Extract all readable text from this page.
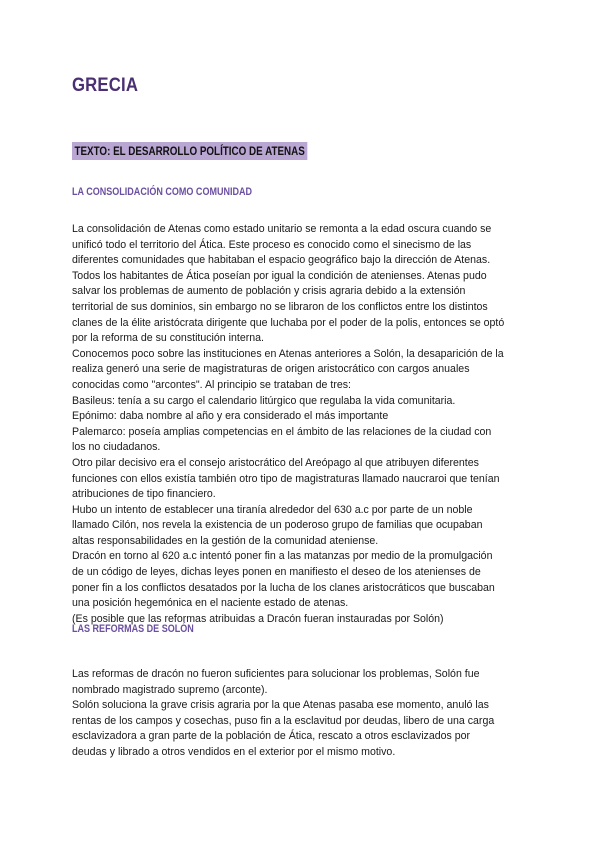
GRECIA
TEXTO: EL DESARROLLO POLÍTICO DE ATENAS
LA CONSOLIDACIÓN COMO COMUNIDAD

La consolidación de Atenas como estado unitario se remonta a la edad oscura cuando se

unificó todo el territorio del Ática. Este proceso es conocido como el sinecismo de las

diferentes comunidades que habitaban el espacio geográfico bajo la dirección de Atenas.

Todos los habitantes de Ática poseían por igual la condición de atenienses. Atenas pudo

salvar los problemas de aumento de población y crisis agraria debido a la extensión

territorial de sus dominios, sin embargo no se libraron de los conflictos entre los distintos

clanes de la élite aristócrata dirigente que luchaba por el poder de la polis, entonces se optó

por la reforma de su constitución interna.

Conocemos poco sobre las instituciones en Atenas anteriores a Solón, la desaparición de la

realiza generó una serie de magistraturas de origen aristocrático con cargos anuales

conocidas como "arcontes". Al principio se trataban de tres:

Basileus: tenía a su cargo el calendario litúrgico que regulaba la vida comunitaria.

Epónimo: daba nombre al año y era considerado el más importante

Palemarco: poseía amplias competencias en el ámbito de las relaciones de la ciudad con

los no ciudadanos.

Otro pilar decisivo era el consejo aristocrático del Areópago al que atribuyen diferentes

funciones con ellos existía también otro tipo de magistraturas llamado naucraroi que tenían

atribuciones de tipo financiero.

Hubo un intento de establecer una tiranía alrededor del 630 a.c por parte de un noble

llamado Cilón, nos revela la existencia de un poderoso grupo de familias que ocupaban

altas responsabilidades en la gestión de la comunidad ateniense.

Dracón en torno al 620 a.c intentó poner fin a las matanzas por medio de la promulgación

de un código de leyes, dichas leyes ponen en manifiesto el deseo de los atenienses de

poner fin a los conflictos desatados por la lucha de los clanes aristocráticos que buscaban

una posición hegemónica en el naciente estado de atenas.

(Es posible que las reformas atribuidas a Dracón fueran instauradas por Solón)

LAS REFORMAS DE SOLÓN

Las reformas de dracón no fueron suficientes para solucionar los problemas, Solón fue

nombrado magistrado supremo (arconte).

Solón soluciona la grave crisis agraria por la que Atenas pasaba ese momento, anuló las

rentas de los campos y cosechas, puso fin a la esclavitud por deudas, libero de una carga

esclavizadora a gran parte de la población de Ática, rescato a otros esclavizados por

deudas y librado a otros vendidos en el exterior por el mismo motivo.
